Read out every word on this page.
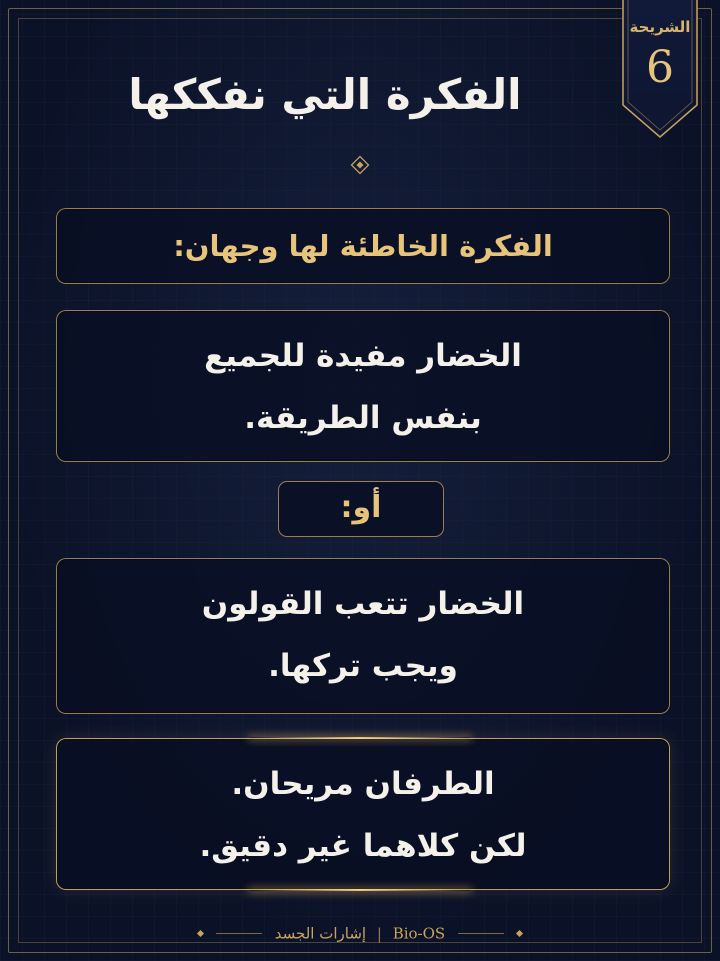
الشريحة
6
الفكرة التي نفككها
الفكرة الخاطئة لها وجهان:
الخضار مفيدة للجميع
بنفس الطريقة.
أو:
الخضار تتعب القولون
ويجب تركها.
الطرفان مريحان.
لكن كلاهما غير دقيق.
إشارات الجسد | Bio-OS
